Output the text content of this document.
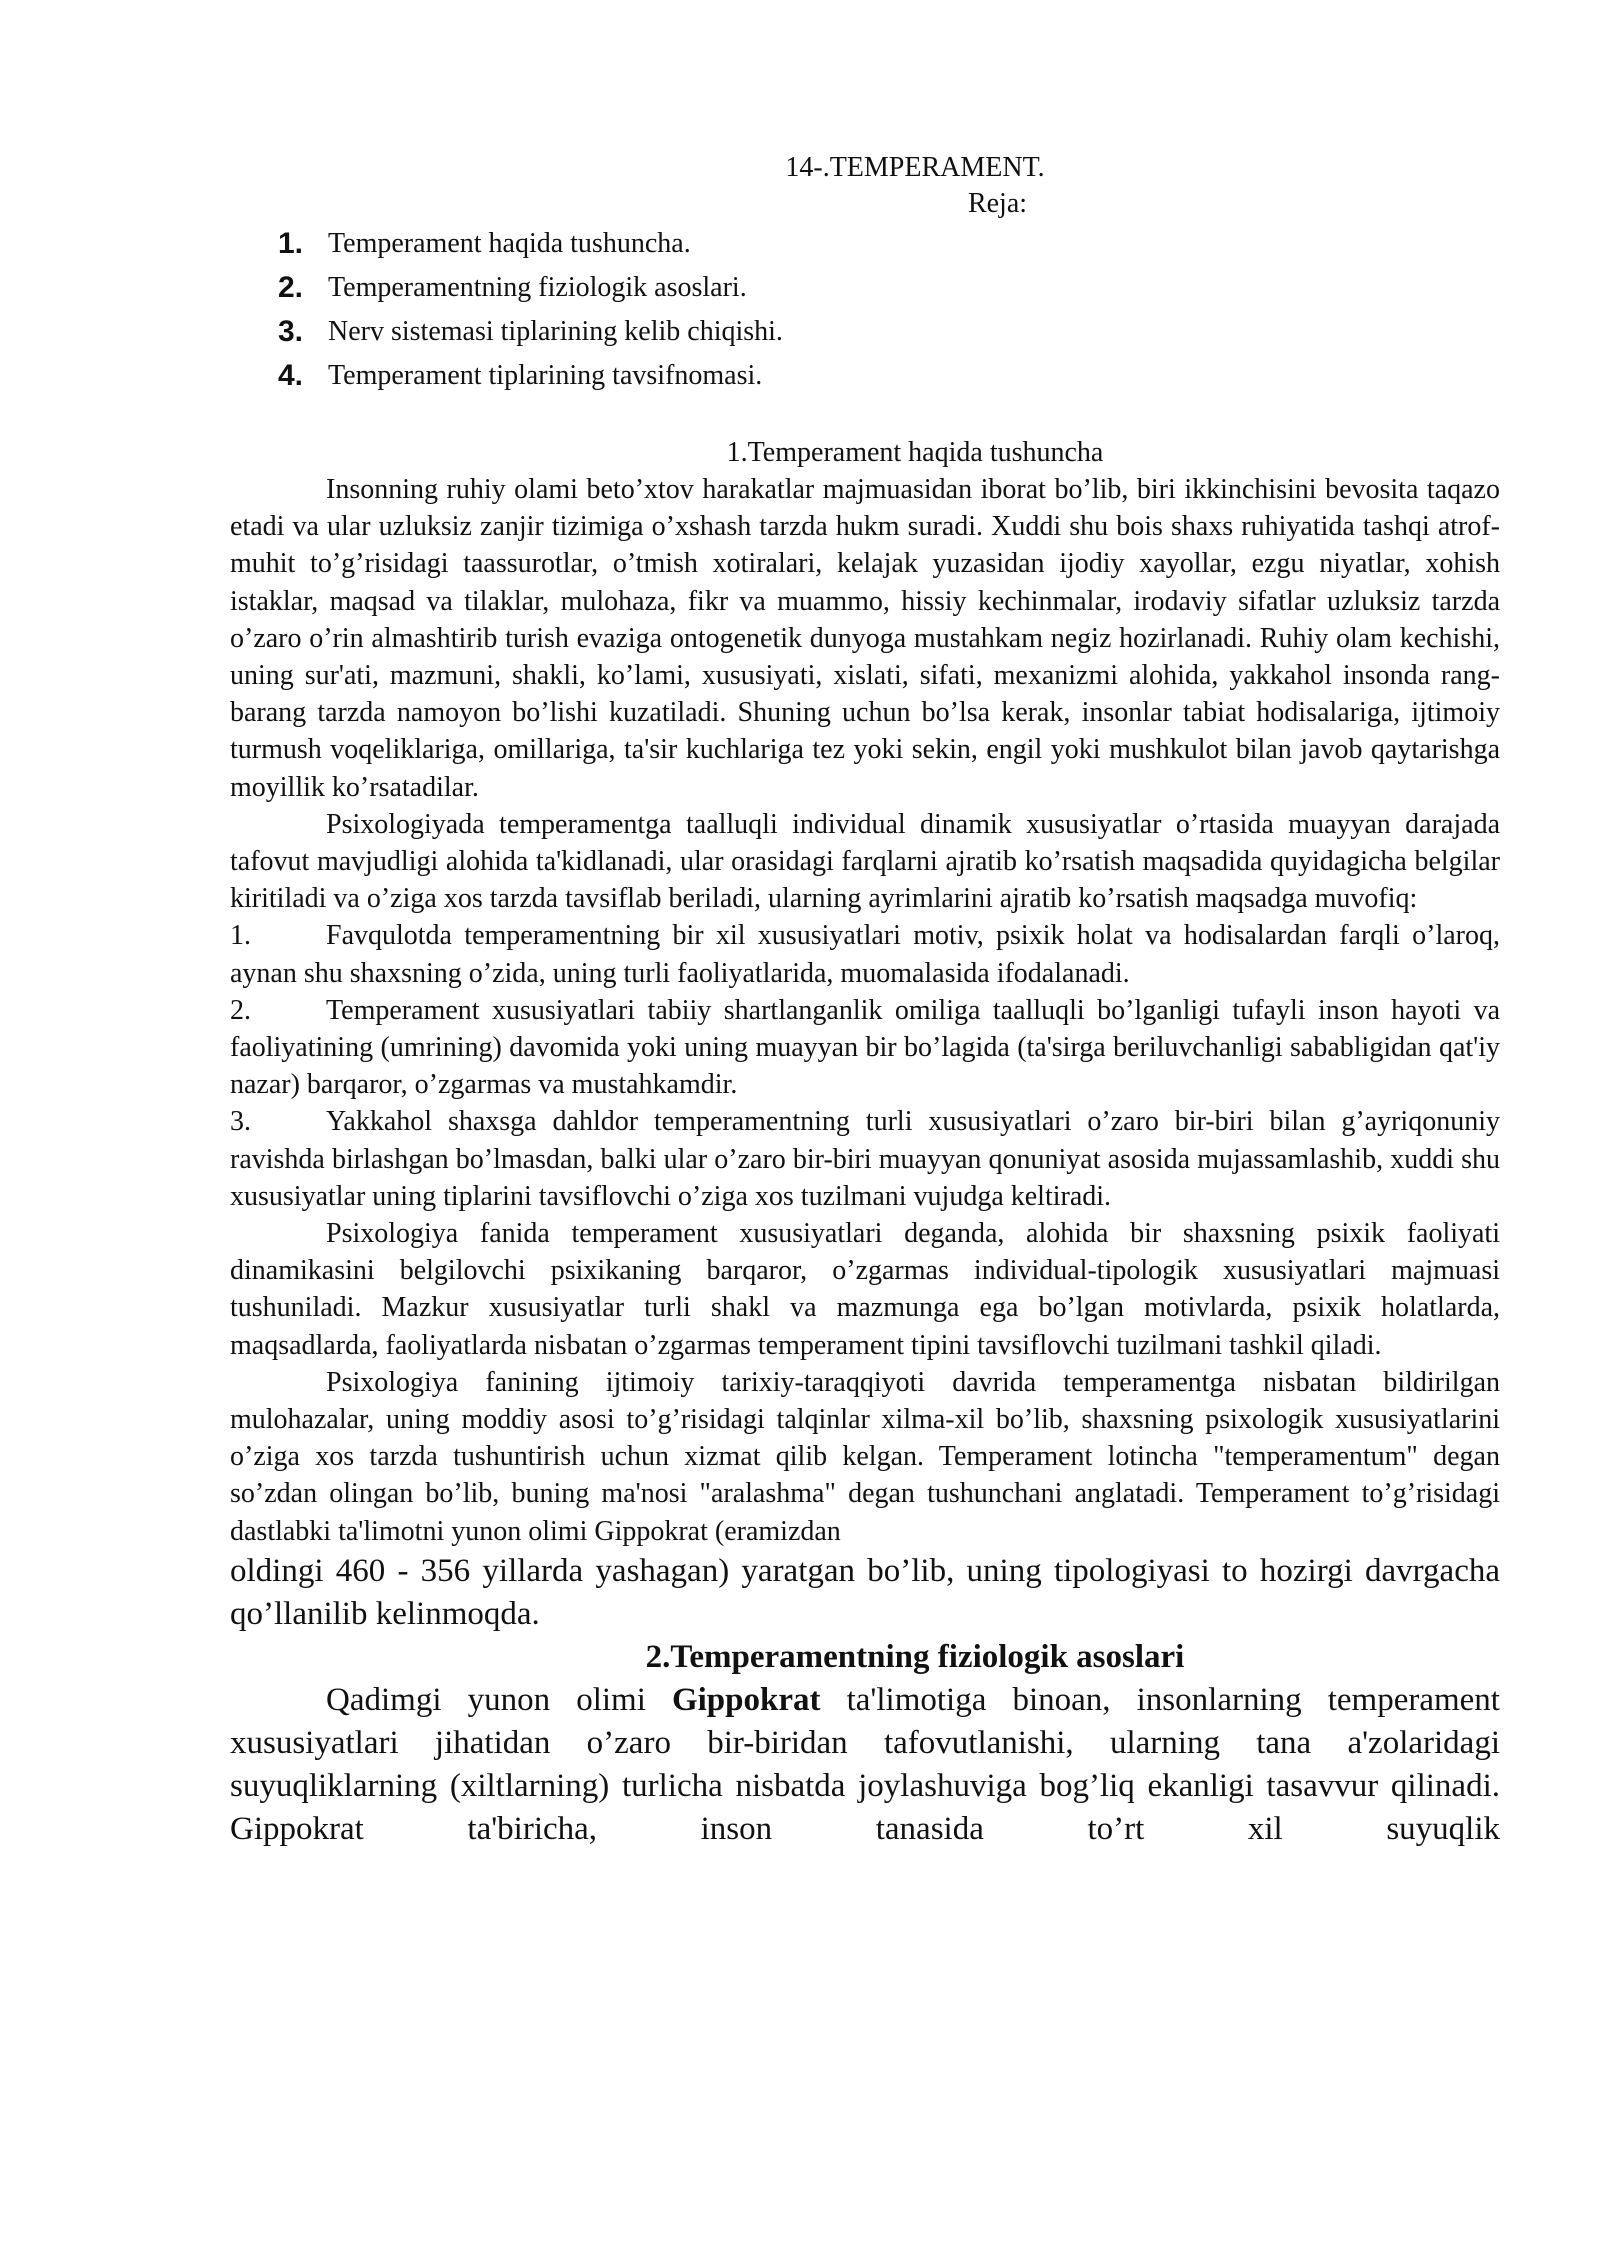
14-.TEMPERAMENT.
Reja:
1. Temperament haqida tushuncha.
2. Temperamentning fiziologik asoslari.
3. Nerv sistemasi tiplarining kelib chiqishi.
4. Temperament tiplarining tavsifnomasi.
1.Temperament haqida tushuncha

Insonning ruhiy olami beto’xtov harakatlar majmuasidan iborat bo’lib, biri ikkinchisini bevosita taqazo etadi va ular uzluksiz zanjir tizimiga o’xshash tarzda hukm suradi. Xuddi shu bois shaxs ruhiyatida tashqi atrof-muhit to’g’risidagi taassurotlar, o’tmish xotiralari, kelajak yuzasidan ijodiy xayollar, ezgu niyatlar, xohish istaklar, maqsad va tilaklar, mulohaza, fikr va muammo, hissiy kechinmalar, irodaviy sifatlar uzluksiz tarzda o’zaro o’rin almashtirib turish evaziga ontogenetik dunyoga mustahkam negiz hozirlanadi. Ruhiy olam kechishi, uning sur'ati, mazmuni, shakli, ko’lami, xususiyati, xislati, sifati, mexanizmi alohida, yakkahol insonda rang-barang tarzda namoyon bo’lishi kuzatiladi. Shuning uchun bo’lsa kerak, insonlar tabiat hodisalariga, ijtimoiy turmush voqeliklariga, omillariga, ta'sir kuchlariga tez yoki sekin, engil yoki mushkulot bilan javob qaytarishga moyillik ko’rsatadilar.

Psixologiyada temperamentga taalluqli individual dinamik xususiyatlar o’rtasida muayyan darajada tafovut mavjudligi alohida ta'kidlanadi, ular orasidagi farqlarni ajratib ko’rsatish maqsadida quyidagicha belgilar kiritiladi va o’ziga xos tarzda tavsiflab beriladi, ularning ayrimlarini ajratib ko’rsatish maqsadga muvofiq:

1.	Favqulotda temperamentning bir xil xususiyatlari motiv, psixik holat va hodisalardan farqli o’laroq, aynan shu shaxsning o’zida, uning turli faoliyatlarida, muomalasida ifodalanadi.

2.	Temperament xususiyatlari tabiiy shartlanganlik omiliga taalluqli bo’lganligi tufayli inson hayoti va faoliyatining (umrining) davomida yoki uning muayyan bir bo’lagida (ta'sirga beriluvchanligi sababligidan qat'iy nazar) barqaror, o’zgarmas va mustahkamdir.

3.	Yakkahol shaxsga dahldor temperamentning turli xususiyatlari o’zaro bir-biri bilan g’ayriqonuniy ravishda birlashgan bo’lmasdan, balki ular o’zaro bir-biri muayyan qonuniyat asosida mujassamlashib, xuddi shu xususiyatlar uning tiplarini tavsiflovchi o’ziga xos tuzilmani vujudga keltiradi.

Psixologiya fanida temperament xususiyatlari deganda, alohida bir shaxsning psixik faoliyati dinamikasini belgilovchi psixikaning barqaror, o’zgarmas individual-tipologik xususiyatlari majmuasi tushuniladi. Mazkur xususiyatlar turli shakl va mazmunga ega bo’lgan motivlarda, psixik holatlarda, maqsadlarda, faoliyatlarda nisbatan o’zgarmas temperament tipini tavsiflovchi tuzilmani tashkil qiladi.

Psixologiya fanining ijtimoiy tarixiy-taraqqiyoti davrida temperamentga nisbatan bildirilgan mulohazalar, uning moddiy asosi to’g’risidagi talqinlar xilma-xil bo’lib, shaxsning psixologik xususiyatlarini o’ziga xos tarzda tushuntirish uchun xizmat qilib kelgan. Temperament lotincha "temperamentum" degan so’zdan olingan bo’lib, buning ma'nosi "aralashma" degan tushunchani anglatadi. Temperament to’g’risidagi dastlabki ta'limotni yunon olimi Gippokrat (eramizdan

oldingi 460 - 356 yillarda yashagan) yaratgan bo’lib, uning tipologiyasi to hozirgi davrgacha qo’llanilib kelinmoqda.

2.Temperamentning fiziologik asoslari

Qadimgi yunon olimi Gippokrat ta'limotiga binoan, insonlarning temperament xususiyatlari jihatidan o’zaro bir-biridan tafovutlanishi, ularning tana a'zolaridagi suyuqliklarning (xiltlarning) turlicha nisbatda joylashuviga bog’liq ekanligi tasavvur qilinadi. Gippokrat ta'biricha, inson tanasida to’rt xil suyuqlik
